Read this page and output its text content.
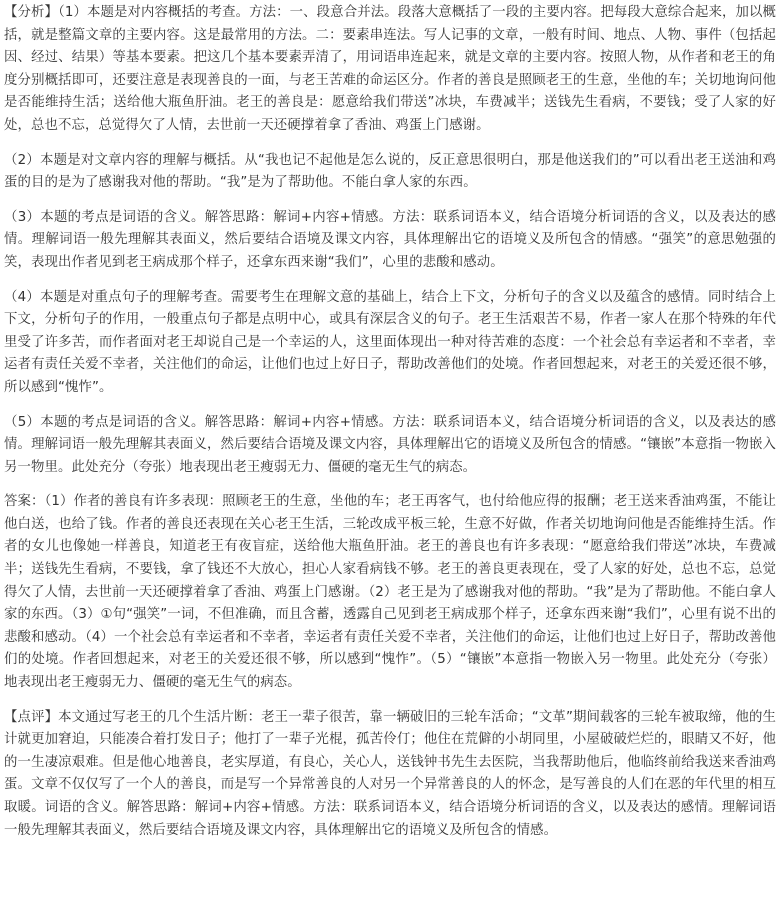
【分析】（1）本题是对内容概括的考查。方法：一、段意合并法。段落大意概括了一段的主要内容。把每段大意综合起来，加以概括，就是整篇文章的主要内容。这是最常用的方法。二：要素串连法。写人记事的文章，一般有时间、地点、人物、事件（包括起因、经过、结果）等基本要素。把这几个基本要素弄清了，用词语串连起来，就是文章的主要内容。按照人物，从作者和老王的角度分别概括即可，还要注意是表现善良的一面，与老王苦难的命运区分。作者的善良是照顾老王的生意，坐他的车；关切地询问他是否能维持生活；送给他大瓶鱼肝油。老王的善良是：愿意给我们带送”冰块，车费减半；送钱先生看病，不要钱；受了人家的好处，总也不忘，总觉得欠了人情，去世前一天还硬撑着拿了香油、鸡蛋上门感谢。

（2）本题是对文章内容的理解与概括。从“我也记不起他是怎么说的，反正意思很明白，那是他送我们的”可以看出老王送油和鸡蛋的目的是为了感谢我对他的帮助。“我”是为了帮助他。不能白拿人家的东西。

（3）本题的考点是词语的含义。解答思路：解词+内容+情感。方法：联系词语本义，结合语境分析词语的含义，以及表达的感情。理解词语一般先理解其表面义，然后要结合语境及课文内容，具体理解出它的语境义及所包含的情感。“强笑”的意思勉强的笑，表现出作者见到老王病成那个样子，还拿东西来谢“我们”，心里的悲酸和感动。

（4）本题是对重点句子的理解考查。需要考生在理解文意的基础上，结合上下文，分析句子的含义以及蕴含的感情。同时结合上下文，分析句子的作用，一般重点句子都是点明中心，或具有深层含义的句子。老王生活艰苦不易，作者一家人在那个特殊的年代里受了许多苦，而作者面对老王却说自己是一个幸运的人，这里面体现出一种对待苦难的态度：一个社会总有幸运者和不幸者，幸运者有责任关爱不幸者，关注他们的命运，让他们也过上好日子，帮助改善他们的处境。作者回想起来，对老王的关爱还很不够，所以感到“愧怍”。

（5）本题的考点是词语的含义。解答思路：解词+内容+情感。方法：联系词语本义，结合语境分析词语的含义，以及表达的感情。理解词语一般先理解其表面义，然后要结合语境及课文内容，具体理解出它的语境义及所包含的情感。“镶嵌”本意指一物嵌入另一物里。此处充分（夸张）地表现出老王瘦弱无力、僵硬的毫无生气的病态。

答案：（1）作者的善良有许多表现：照顾老王的生意，坐他的车；老王再客气，也付给他应得的报酬；老王送来香油鸡蛋，不能让他白送，也给了钱。作者的善良还表现在关心老王生活，三轮改成平板三轮，生意不好做，作者关切地询问他是否能维持生活。作者的女儿也像她一样善良，知道老王有夜盲症，送给他大瓶鱼肝油。老王的善良也有许多表现：“愿意给我们带送”冰块，车费减半；送钱先生看病，不要钱，拿了钱还不大放心，担心人家看病钱不够。老王的善良更表现在，受了人家的好处，总也不忘，总觉得欠了人情，去世前一天还硬撑着拿了香油、鸡蛋上门感谢。（2）老王是为了感谢我对他的帮助。“我”是为了帮助他。不能白拿人家的东西。（3）①句“强笑”一词，不但准确，而且含蓄，透露自己见到老王病成那个样子，还拿东西来谢“我们”，心里有说不出的悲酸和感动。（4）一个社会总有幸运者和不幸者，幸运者有责任关爱不幸者，关注他们的命运，让他们也过上好日子，帮助改善他们的处境。作者回想起来，对老王的关爱还很不够，所以感到“愧怍”。（5）“镶嵌”本意指一物嵌入另一物里。此处充分（夸张）地表现出老王瘦弱无力、僵硬的毫无生气的病态。

【点评】本文通过写老王的几个生活片断：老王一辈子很苦，靠一辆破旧的三轮车活命；“文革”期间载客的三轮车被取缔，他的生计就更加窘迫，只能凑合着打发日子；他打了一辈子光棍，孤苦伶仃；他住在荒僻的小胡同里，小屋破破烂烂的，眼睛又不好，他的一生凄凉艰难。但是他心地善良，老实厚道，有良心，关心人，送钱钟书先生去医院，当我帮助他后，他临终前给我送来香油鸡蛋。文章不仅仅写了一个人的善良，而是写一个异常善良的人对另一个异常善良的人的怀念，是写善良的人们在恶的年代里的相互取暖。词语的含义。解答思路：解词+内容+情感。方法：联系词语本义，结合语境分析词语的含义，以及表达的感情。理解词语一般先理解其表面义，然后要结合语境及课文内容，具体理解出它的语境义及所包含的情感。
